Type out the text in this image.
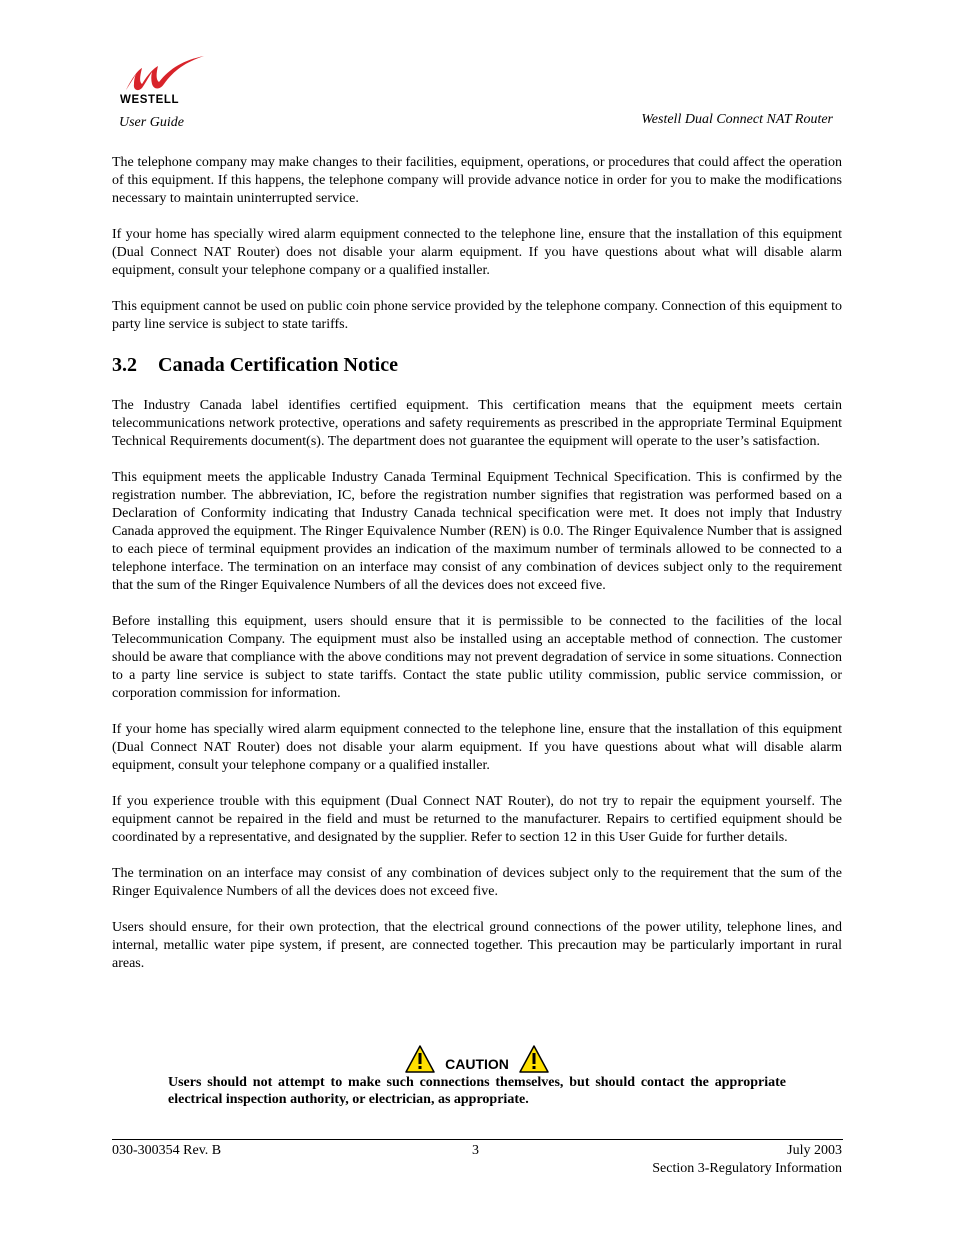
WESTELL
User Guide	Westell Dual Connect NAT Router

The telephone company may make changes to their facilities, equipment, operations, or procedures that could affect the operation of this equipment. If this happens, the telephone company will provide advance notice in order for you to make the modifications necessary to maintain uninterrupted service.

If your home has specially wired alarm equipment connected to the telephone line, ensure that the installation of this equipment (Dual Connect NAT Router) does not disable your alarm equipment. If you have questions about what will disable alarm equipment, consult your telephone company or a qualified installer.

This equipment cannot be used on public coin phone service provided by the telephone company. Connection of this equipment to party line service is subject to state tariffs.

3.2 Canada Certification Notice

The Industry Canada label identifies certified equipment. This certification means that the equipment meets certain telecommunications network protective, operations and safety requirements as prescribed in the appropriate Terminal Equipment Technical Requirements document(s). The department does not guarantee the equipment will operate to the user’s satisfaction.

This equipment meets the applicable Industry Canada Terminal Equipment Technical Specification. This is confirmed by the registration number. The abbreviation, IC, before the registration number signifies that registration was performed based on a Declaration of Conformity indicating that Industry Canada technical specification were met. It does not imply that Industry Canada approved the equipment. The Ringer Equivalence Number (REN) is 0.0. The Ringer Equivalence Number that is assigned to each piece of terminal equipment provides an indication of the maximum number of terminals allowed to be connected to a telephone interface. The termination on an interface may consist of any combination of devices subject only to the requirement that the sum of the Ringer Equivalence Numbers of all the devices does not exceed five.

Before installing this equipment, users should ensure that it is permissible to be connected to the facilities of the local Telecommunication Company. The equipment must also be installed using an acceptable method of connection. The customer should be aware that compliance with the above conditions may not prevent degradation of service in some situations. Connection to a party line service is subject to state tariffs. Contact the state public utility commission, public service commission, or corporation commission for information.

If your home has specially wired alarm equipment connected to the telephone line, ensure that the installation of this equipment (Dual Connect NAT Router) does not disable your alarm equipment. If you have questions about what will disable alarm equipment, consult your telephone company or a qualified installer.

If you experience trouble with this equipment (Dual Connect NAT Router), do not try to repair the equipment yourself. The equipment cannot be repaired in the field and must be returned to the manufacturer. Repairs to certified equipment should be coordinated by a representative, and designated by the supplier. Refer to section 12 in this User Guide for further details.

The termination on an interface may consist of any combination of devices subject only to the requirement that the sum of the Ringer Equivalence Numbers of all the devices does not exceed five.

Users should ensure, for their own protection, that the electrical ground connections of the power utility, telephone lines, and internal, metallic water pipe system, if present, are connected together. This precaution may be particularly important in rural areas.

CAUTION
Users should not attempt to make such connections themselves, but should contact the appropriate electrical inspection authority, or electrician, as appropriate.
030-300354 Rev. B	3	July 2003
Section 3-Regulatory Information
